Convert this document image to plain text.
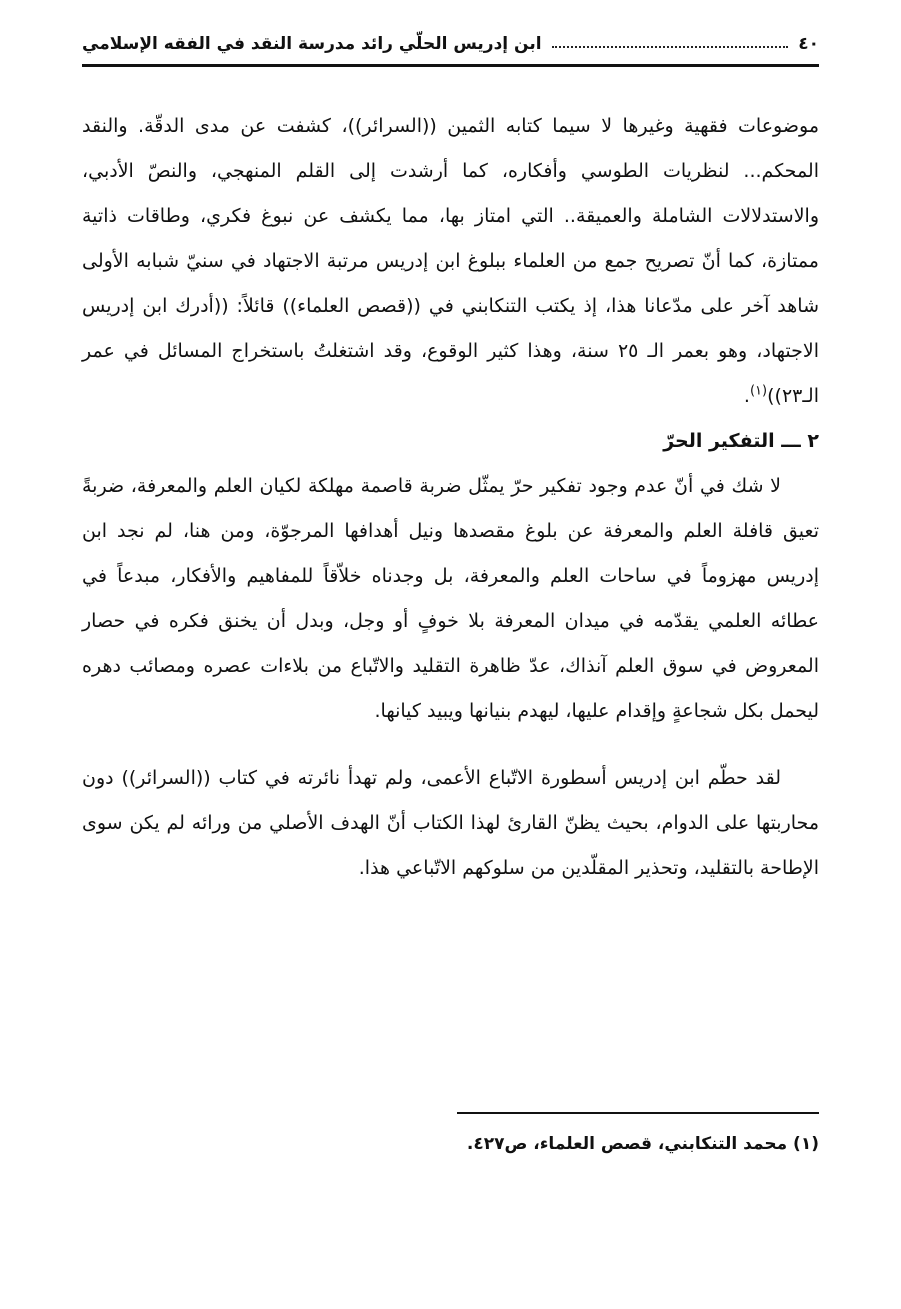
٤٠
ابن إدريس الحلّي رائد مدرسة النقد في الفقه الإسلامي

موضوعات فقهية وغيرها لا سيما كتابه الثمين ((السرائر))، كشفت عن مدى الدقّة. والنقد المحكم... لنظريات الطوسي وأفكاره، كما أرشدت إلى القلم المنهجي، والنصّ الأدبي، والاستدلالات الشاملة والعميقة.. التي امتاز بها، مما يكشف عن نبوغ فكري، وطاقات ذاتية ممتازة، كما أنّ تصريح جمع من العلماء ببلوغ ابن إدريس مرتبة الاجتهاد في سنيّ شبابه الأولى شاهد آخر على مدّعانا هذا، إذ يكتب التنكابني في ((قصص العلماء)) قائلاً: ((أدرك ابن إدريس الاجتهاد، وهو بعمر الـ ٢٥ سنة، وهذا كثير الوقوع، وقد اشتغلتُ باستخراج المسائل في عمر الـ٢٣))$^{(١)}$.

٢ ـــ التفكير الحرّ

لا شك في أنّ عدم وجود تفكير حرّ يمثّل ضربة قاصمة مهلكة لكيان العلم والمعرفة، ضربةً تعيق قافلة العلم والمعرفة عن بلوغ مقصدها ونيل أهدافها المرجوّة، ومن هنا، لم نجد ابن إدريس مهزوماً في ساحات العلم والمعرفة، بل وجدناه خلاّقاً للمفاهيم والأفكار، مبدعاً في عطائه العلمي يقدّمه في ميدان المعرفة بلا خوفٍ أو وجل، وبدل أن يخنق فكره في حصار المعروض في سوق العلم آنذاك، عدّ ظاهرة التقليد والاتّباع من بلاءات عصره ومصائب دهره ليحمل بكل شجاعةٍ وإقدام عليها، ليهدم بنيانها ويبيد كيانها.

لقد حطّم ابن إدريس أسطورة الاتّباع الأعمى، ولم تهدأ نائرته في كتاب ((السرائر)) دون محاربتها على الدوام، بحيث يظنّ القارئ لهذا الكتاب أنّ الهدف الأصلي من ورائه لم يكن سوى الإطاحة بالتقليد، وتحذير المقلّدين من سلوكهم الاتّباعي هذا.

(١) محمد التنكابني، قصص العلماء، ص٤٢٧.
